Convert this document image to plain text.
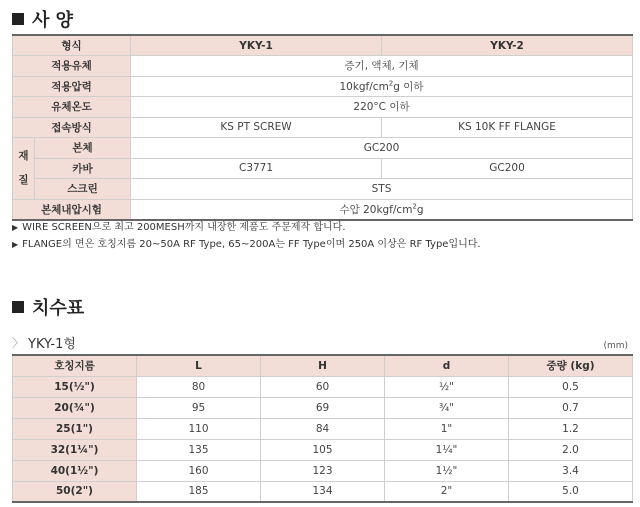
사 양
형식		YKY-1	YKY-2
적용유체		증기, 액체, 기체	
적용압력		$10kgf/cm^2g$ 이하	
유체온도		220°C 이하	
접속방식		KS PT SCREW	KS 10K FF FLANGE
재
질	본체	GC200	
	카바	C3771	GC200
	스크린	STS	
본체내압시험		수압 $20kgf/cm^2g$	
▶ WIRE SCREEN으로 최고 200MESH까지 내장한 제품도 주문제작 합니다.
▶ FLANGE의 면은 호칭지름 20~50A RF Type, 65~200A는 FF Type이며 250A 이상은 RF Type입니다.
치수표
〉 YKY-1형	(mm)
호칭지름	L	H	d	중량 (kg)
15(½")	80	60	½"	0.5
20(¾")	95	69	¾"	0.7
25(1")	110	84	1"	1.2
32(1¼")	135	105	1¼"	2.0
40(1½")	160	123	1½"	3.4
50(2")	185	134	2"	5.0
